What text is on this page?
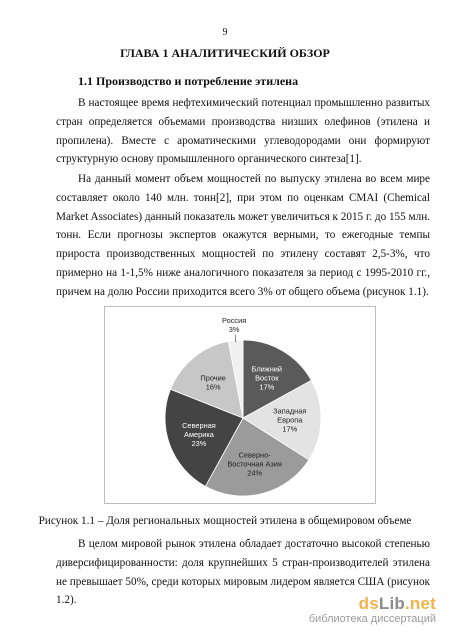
9
ГЛАВА 1 АНАЛИТИЧЕСКИЙ ОБЗОР
1.1 Производство и потребление этилена

В настоящее время нефтехимический потенциал промышленно развитых стран определяется объемами производства низших олефинов (этилена и пропилена). Вместе с ароматическими углеводородами они формируют структурную основу промышленного органического синтеза[1].

На данный момент объем мощностей по выпуску этилена во всем мире составляет около 140 млн. тонн[2], при этом по оценкам CMAI (Chemical Market Associates) данный показатель может увеличиться к 2015 г. до 155 млн. тонн. Если прогнозы экспертов окажутся верными, то ежегодные темпы прироста производственных мощностей по этилену составят 2,5-3%, что примерно на 1-1,5% ниже аналогичного показателя за период с 1995-2010 гг., причем на долю России приходится всего 3% от общего объема (рисунок 1.1).

Ближний Восток 17%
Западная Европа 17%
Северно-Восточная Азия 24%
Северная Америка 23%
Прочие 16%
Россия 3%
Рисунок 1.1 – Доля региональных мощностей этилена в общемировом объеме

В целом мировой рынок этилена обладает достаточно высокой степенью диверсифицированности: доля крупнейших 5 стран-производителей этилена не превышает 50%, среди которых мировым лидером является США (рисунок 1.2).	dsLib.net
библиотека диссертаций
